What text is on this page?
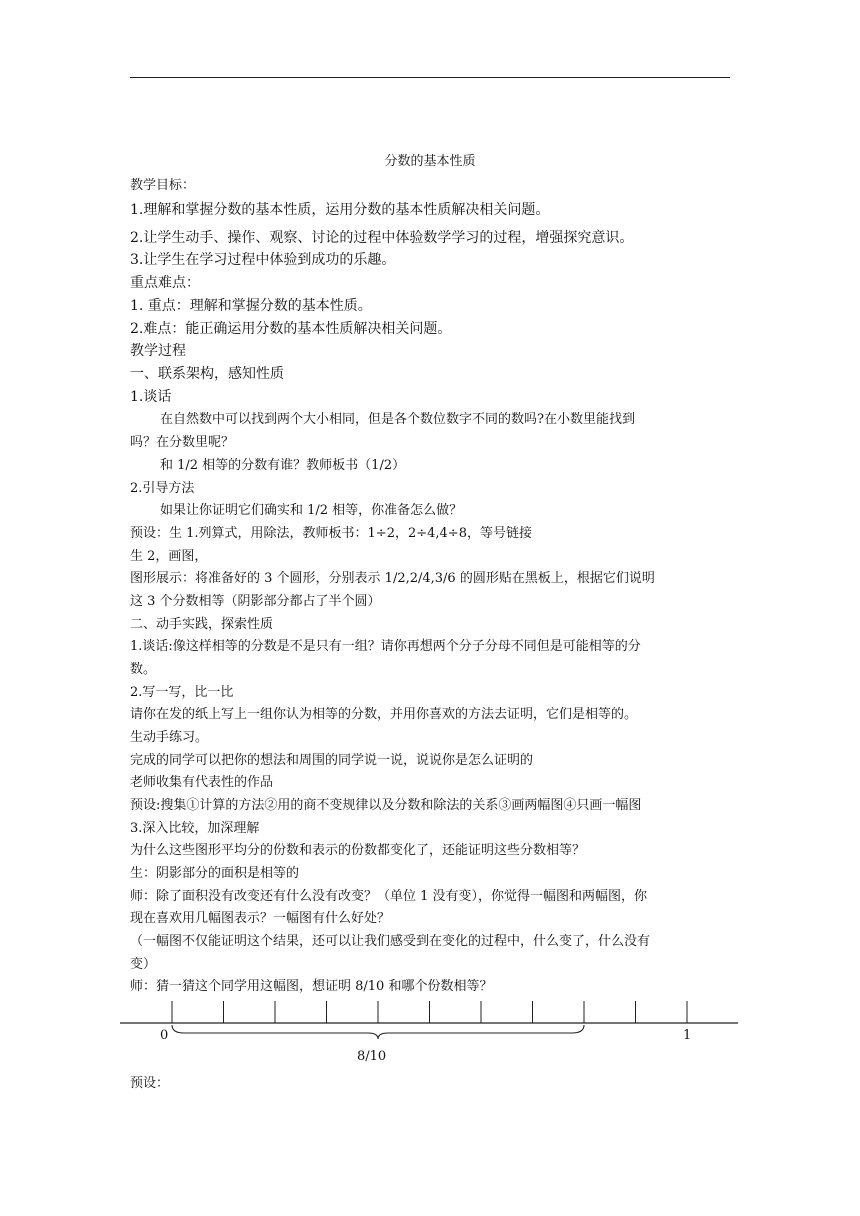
分数的基本性质
教学目标：
1.理解和掌握分数的基本性质，运用分数的基本性质解决相关问题。
2.让学生动手、操作、观察、讨论的过程中体验数学学习的过程，增强探究意识。
3.让学生在学习过程中体验到成功的乐趣。
重点难点：
1. 重点：理解和掌握分数的基本性质。
2.难点：能正确运用分数的基本性质解决相关问题。
教学过程
一、联系架构，感知性质
1.谈话
在自然数中可以找到两个大小相同，但是各个数位数字不同的数吗?在小数里能找到
吗？在分数里呢？
和 1/2 相等的分数有谁？教师板书（1/2）
2.引导方法
如果让你证明它们确实和 1/2 相等，你准备怎么做？
预设：生 1.列算式，用除法，教师板书：1÷2，2÷4,4÷8，等号链接
生 2，画图，
图形展示：将准备好的 3 个圆形，分别表示 1/2,2/4,3/6 的圆形贴在黑板上，根据它们说明
这 3 个分数相等（阴影部分都占了半个圆）
二、动手实践，探索性质
1.谈话:像这样相等的分数是不是只有一组？请你再想两个分子分母不同但是可能相等的分
数。
2.写一写，比一比
请你在发的纸上写上一组你认为相等的分数，并用你喜欢的方法去证明，它们是相等的。
生动手练习。
完成的同学可以把你的想法和周围的同学说一说，说说你是怎么证明的
老师收集有代表性的作品
预设:搜集①计算的方法②用的商不变规律以及分数和除法的关系③画两幅图④只画一幅图
3.深入比较，加深理解
为什么这些图形平均分的份数和表示的份数都变化了，还能证明这些分数相等？
生：阴影部分的面积是相等的
师：除了面积没有改变还有什么没有改变？（单位 1 没有变），你觉得一幅图和两幅图，你
现在喜欢用几幅图表示？一幅图有什么好处？
（一幅图不仅能证明这个结果，还可以让我们感受到在变化的过程中，什么变了，什么没有
变）
师：猜一猜这个同学用这幅图，想证明 8/10 和哪个份数相等？
0	1
8/10
预设：
